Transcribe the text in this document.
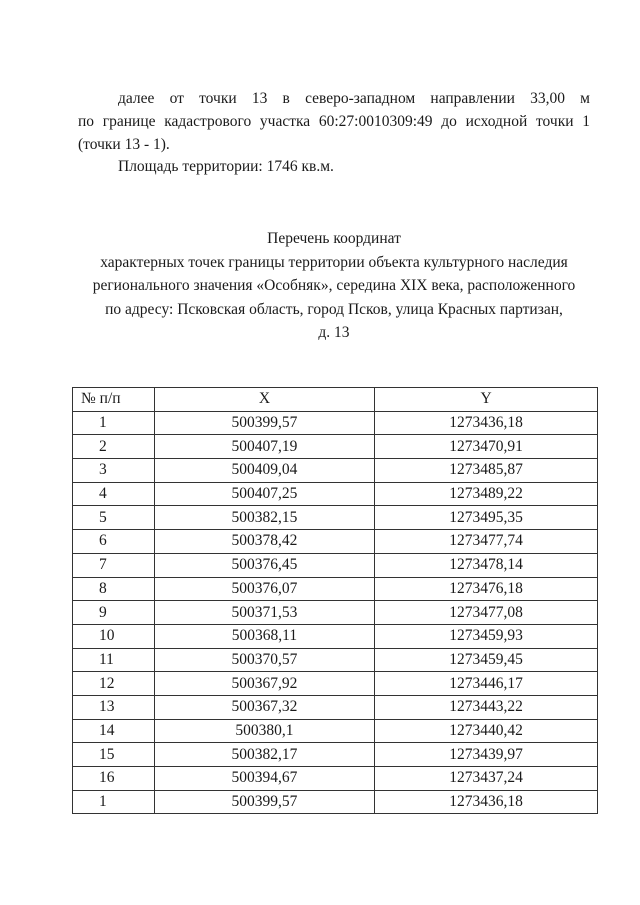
далее от точки 13 в северо-западном направлении 33,00 м
по границе кадастрового участка 60:27:0010309:49 до исходной точки 1 (точки 13 - 1).

Площадь территории: 1746 кв.м.

Перечень координат
характерных точек границы территории объекта культурного наследия
регионального значения «Особняк», середина XIX века, расположенного
по адресу: Псковская область, город Псков, улица Красных партизан,
д. 13
№ п/п	X	Y
1	500399,57	1273436,18
2	500407,19	1273470,91
3	500409,04	1273485,87
4	500407,25	1273489,22
5	500382,15	1273495,35
6	500378,42	1273477,74
7	500376,45	1273478,14
8	500376,07	1273476,18
9	500371,53	1273477,08
10	500368,11	1273459,93
11	500370,57	1273459,45
12	500367,92	1273446,17
13	500367,32	1273443,22
14	500380,1	1273440,42
15	500382,17	1273439,97
16	500394,67	1273437,24
1	500399,57	1273436,18
